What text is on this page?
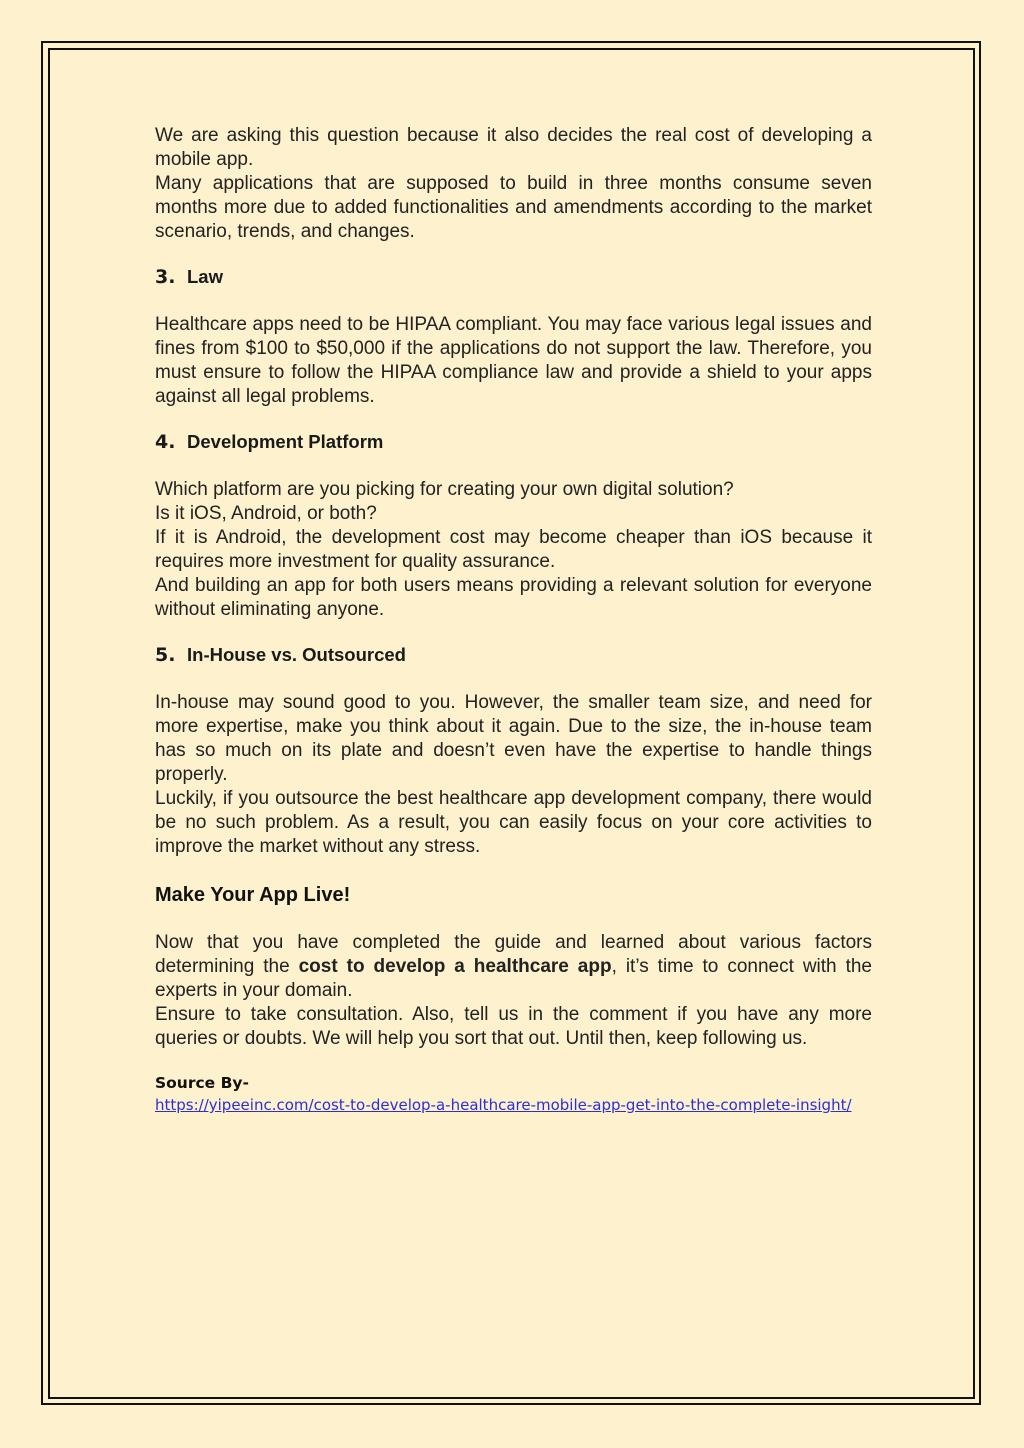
We are asking this question because it also decides the real cost of developing a mobile app.

Many applications that are supposed to build in three months consume seven months more due to added functionalities and amendments according to the market scenario, trends, and changes.

3. Law

Healthcare apps need to be HIPAA compliant. You may face various legal issues and fines from $100 to $50,000 if the applications do not support the law. Therefore, you must ensure to follow the HIPAA compliance law and provide a shield to your apps against all legal problems.

4. Development Platform

Which platform are you picking for creating your own digital solution?

Is it iOS, Android, or both?

If it is Android, the development cost may become cheaper than iOS because it requires more investment for quality assurance.

And building an app for both users means providing a relevant solution for everyone without eliminating anyone.

5. In-House vs. Outsourced

In-house may sound good to you. However, the smaller team size, and need for more expertise, make you think about it again. Due to the size, the in-house team has so much on its plate and doesn’t even have the expertise to handle things properly.

Luckily, if you outsource the best healthcare app development company, there would be no such problem. As a result, you can easily focus on your core activities to improve the market without any stress.

Make Your App Live!

Now that you have completed the guide and learned about various factors determining the cost to develop a healthcare app, it’s time to connect with the experts in your domain.

Ensure to take consultation. Also, tell us in the comment if you have any more queries or doubts. We will help you sort that out. Until then, keep following us.

Source By-

https://yipeeinc.com/cost-to-develop-a-healthcare-mobile-app-get-into-the-complete-insight/
